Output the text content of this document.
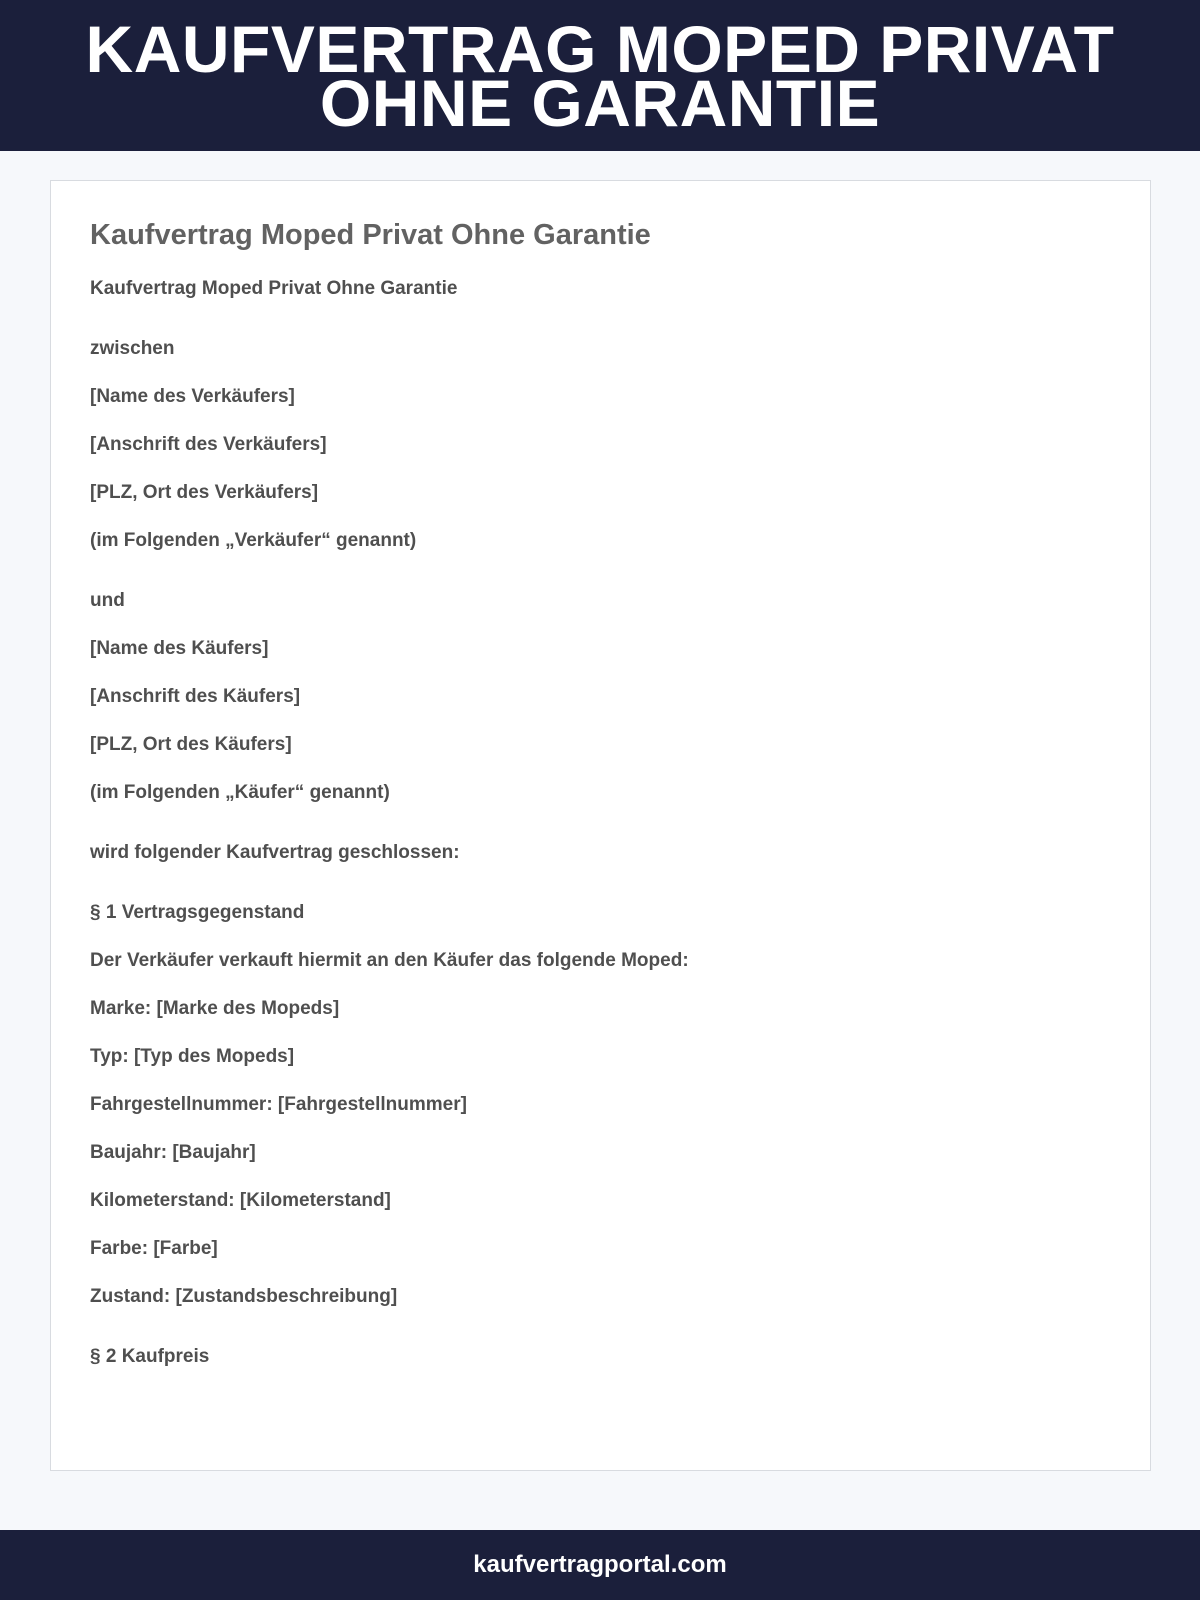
KAUFVERTRAG MOPED PRIVAT OHNE GARANTIE
Kaufvertrag Moped Privat Ohne Garantie
Kaufvertrag Moped Privat Ohne Garantie
zwischen
[Name des Verkäufers]
[Anschrift des Verkäufers]
[PLZ, Ort des Verkäufers]
(im Folgenden „Verkäufer“ genannt)
und
[Name des Käufers]
[Anschrift des Käufers]
[PLZ, Ort des Käufers]
(im Folgenden „Käufer“ genannt)
wird folgender Kaufvertrag geschlossen:
§ 1 Vertragsgegenstand
Der Verkäufer verkauft hiermit an den Käufer das folgende Moped:
Marke: [Marke des Mopeds]
Typ: [Typ des Mopeds]
Fahrgestellnummer: [Fahrgestellnummer]
Baujahr: [Baujahr]
Kilometerstand: [Kilometerstand]
Farbe: [Farbe]
Zustand: [Zustandsbeschreibung]
§ 2 Kaufpreis
kaufvertragportal.com
